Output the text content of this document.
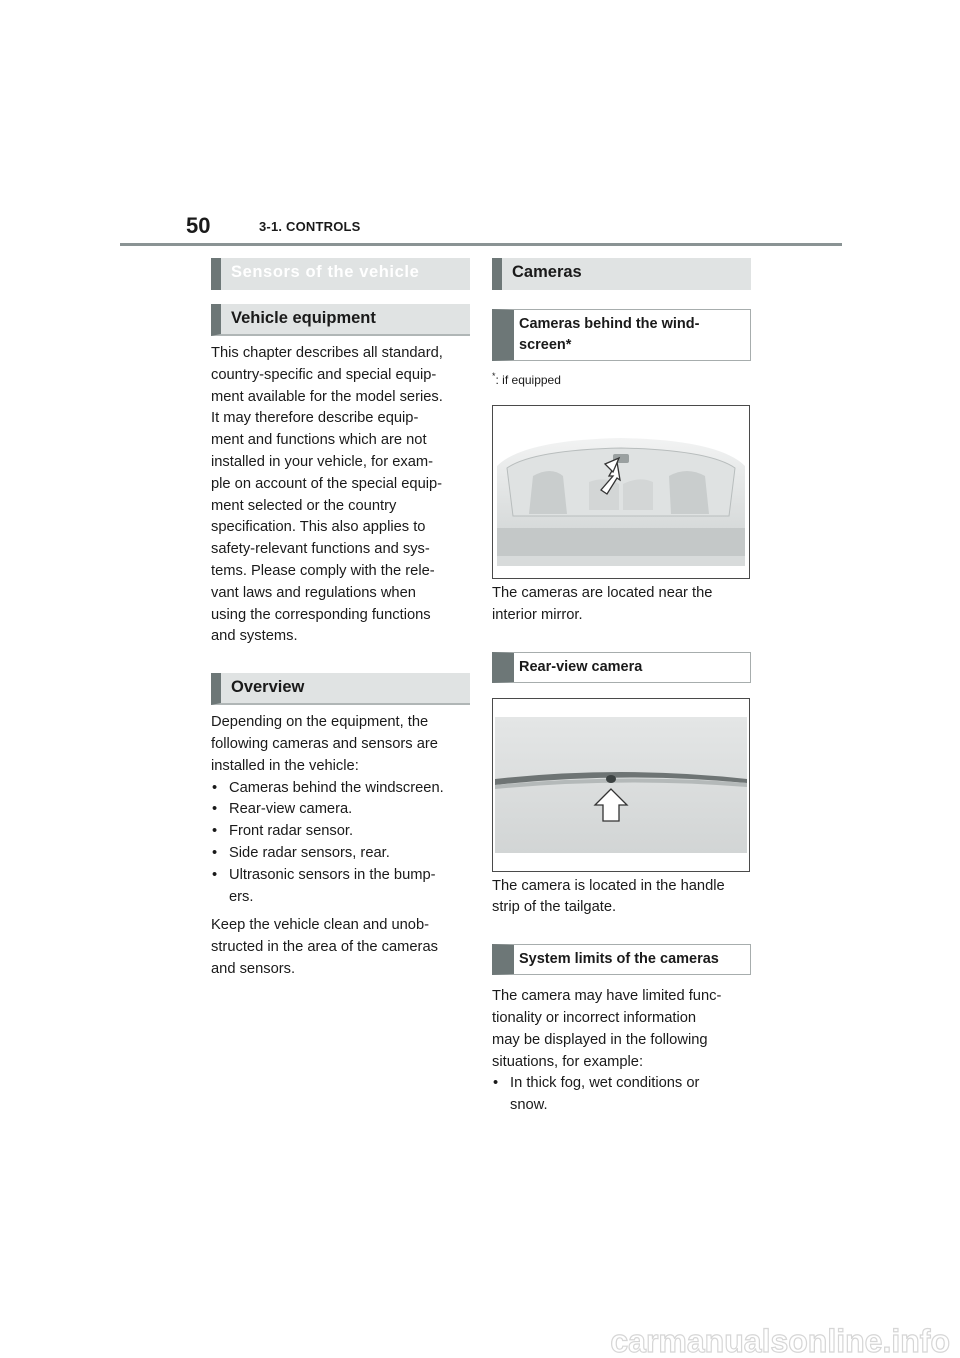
50	3-1. CONTROLS
Sensors of the vehicle
Vehicle equipment

This chapter describes all standard,

country-specific and special equip-

ment available for the model series.

It may therefore describe equip-

ment and functions which are not

installed in your vehicle, for exam-

ple on account of the special equip-

ment selected or the country

specification. This also applies to

safety-relevant functions and sys-

tems. Please comply with the rele-

vant laws and regulations when

using the corresponding functions

and systems.

Overview

Depending on the equipment, the

following cameras and sensors are

installed in the vehicle:

• Cameras behind the windscreen.
• Rear-view camera.
• Front radar sensor.
• Side radar sensors, rear.
• Ultrasonic sensors in the bump-
ers.

Keep the vehicle clean and unob-

structed in the area of the cameras

and sensors.

Cameras
Cameras behind the wind-
screen*
*: if equipped

The cameras are located near the

interior mirror.

Rear-view camera

The camera is located in the handle

strip of the tailgate.

System limits of the cameras

The camera may have limited func-

tionality or incorrect information

may be displayed in the following

situations, for example:

• In thick fog, wet conditions or
snow.
carmanualsonline.info
